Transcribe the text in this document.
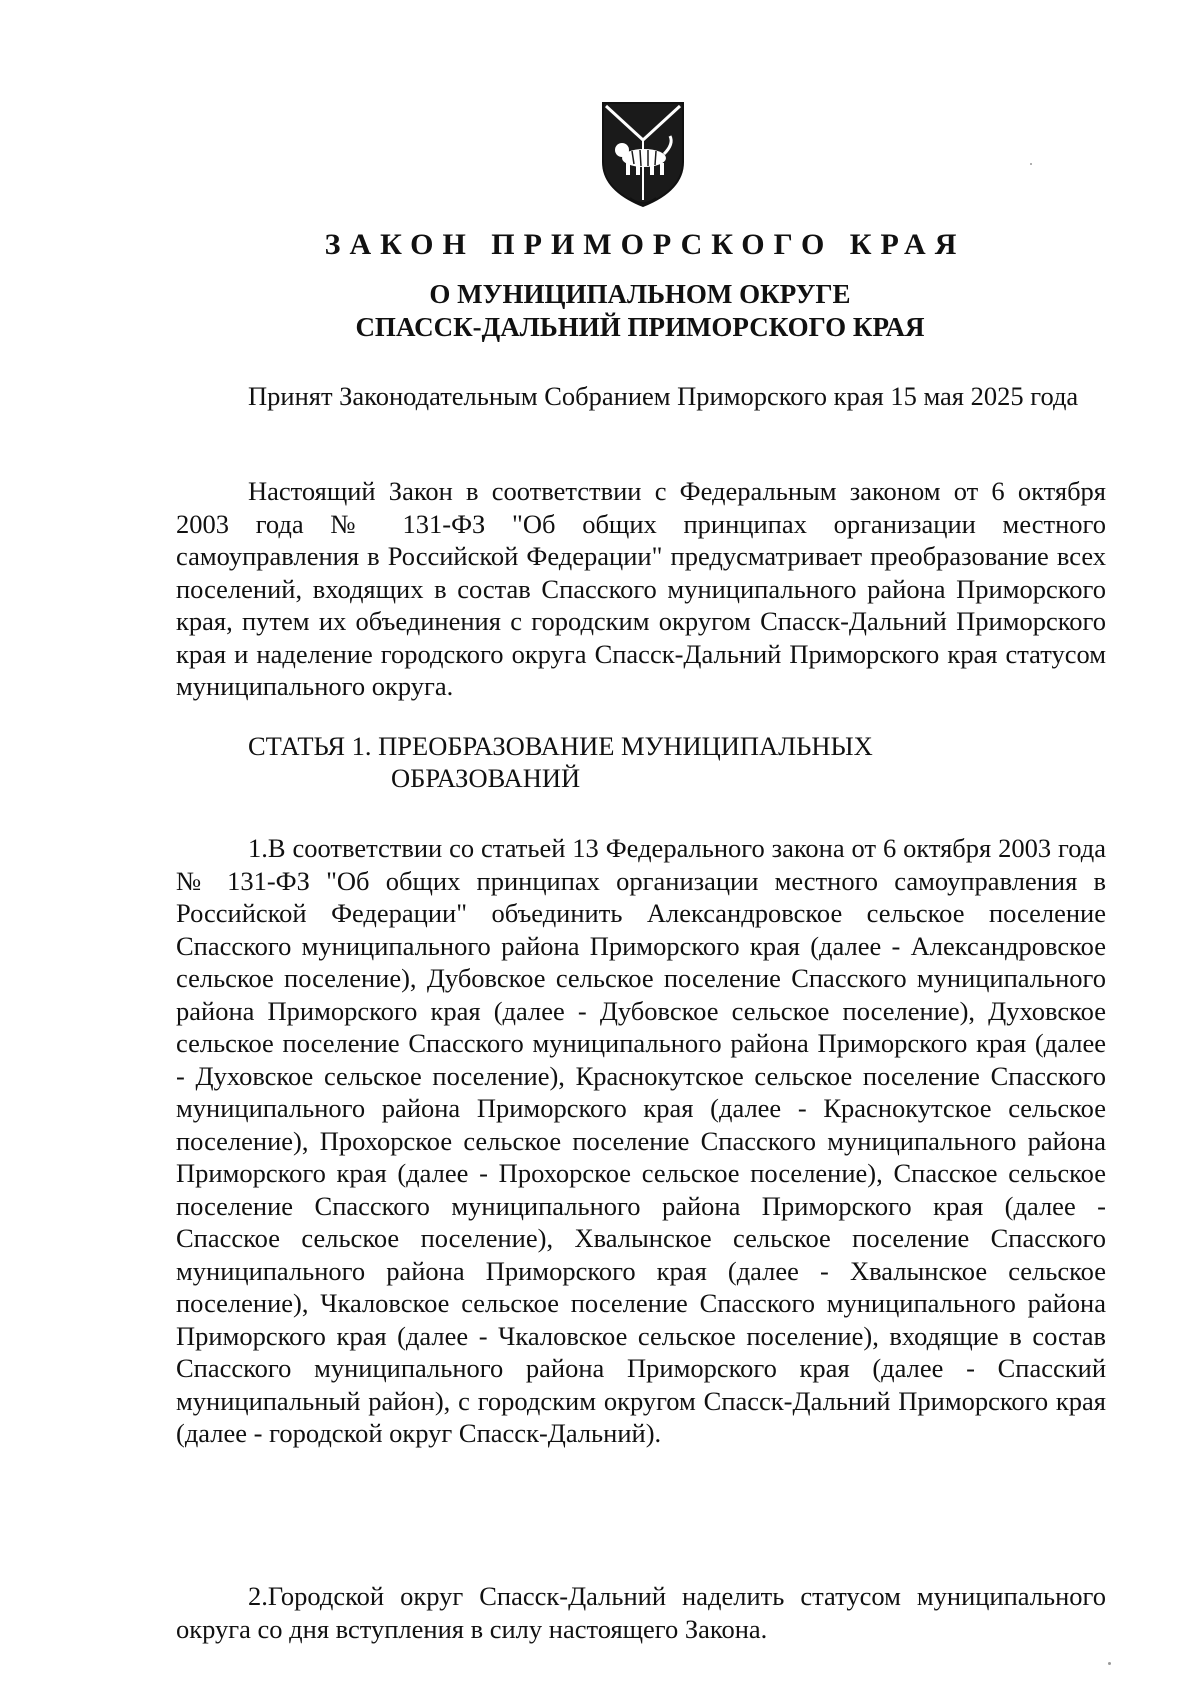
ЗАКОН ПРИМОРСКОГО КРАЯ
О МУНИЦИПАЛЬНОМ ОКРУГЕ
СПАССК-ДАЛЬНИЙ ПРИМОРСКОГО КРАЯ

Принят Законодательным Собранием Приморского края 15 мая 2025 года

Настоящий Закон в соответствии с Федеральным законом от 6 октября 2003 года № 131-ФЗ "Об общих принципах организации местного самоуправления в Российской Федерации" предусматривает преобразование всех поселений, входящих в состав Спасского муниципального района Приморского края, путем их объединения с городским округом Спасск-Дальний Приморского края и наделение городского округа Спасск-Дальний Приморского края статусом муниципального округа.

СТАТЬЯ 1. ПРЕОБРАЗОВАНИЕ МУНИЦИПАЛЬНЫХ
ОБРАЗОВАНИЙ

1.В соответствии со статьей 13 Федерального закона от 6 октября 2003 года № 131-ФЗ "Об общих принципах организации местного самоуправления в Российской Федерации" объединить Александровское сельское поселение Спасского муниципального района Приморского края (далее - Александровское сельское поселение), Дубовское сельское поселение Спасского муниципального района Приморского края (далее - Дубовское сельское поселение), Духовское сельское поселение Спасского муниципального района Приморского края (далее - Духовское сельское поселение), Краснокутское сельское поселение Спасского муниципального района Приморского края (далее - Краснокутское сельское поселение), Прохорское сельское поселение Спасского муниципального района Приморского края (далее - Прохорское сельское поселение), Спасское сельское поселение Спасского муниципального района Приморского края (далее - Спасское сельское поселение), Хвалынское сельское поселение Спасского муниципального района Приморского края (далее - Хвалынское сельское поселение), Чкаловское сельское поселение Спасского муниципального района Приморского края (далее - Чкаловское сельское поселение), входящие в состав Спасского муниципального района Приморского края (далее - Спасский муниципальный район), с городским округом Спасск-Дальний Приморского края (далее - городской округ Спасск-Дальний).

2.Городской округ Спасск-Дальний наделить статусом муниципального округа со дня вступления в силу настоящего Закона.
